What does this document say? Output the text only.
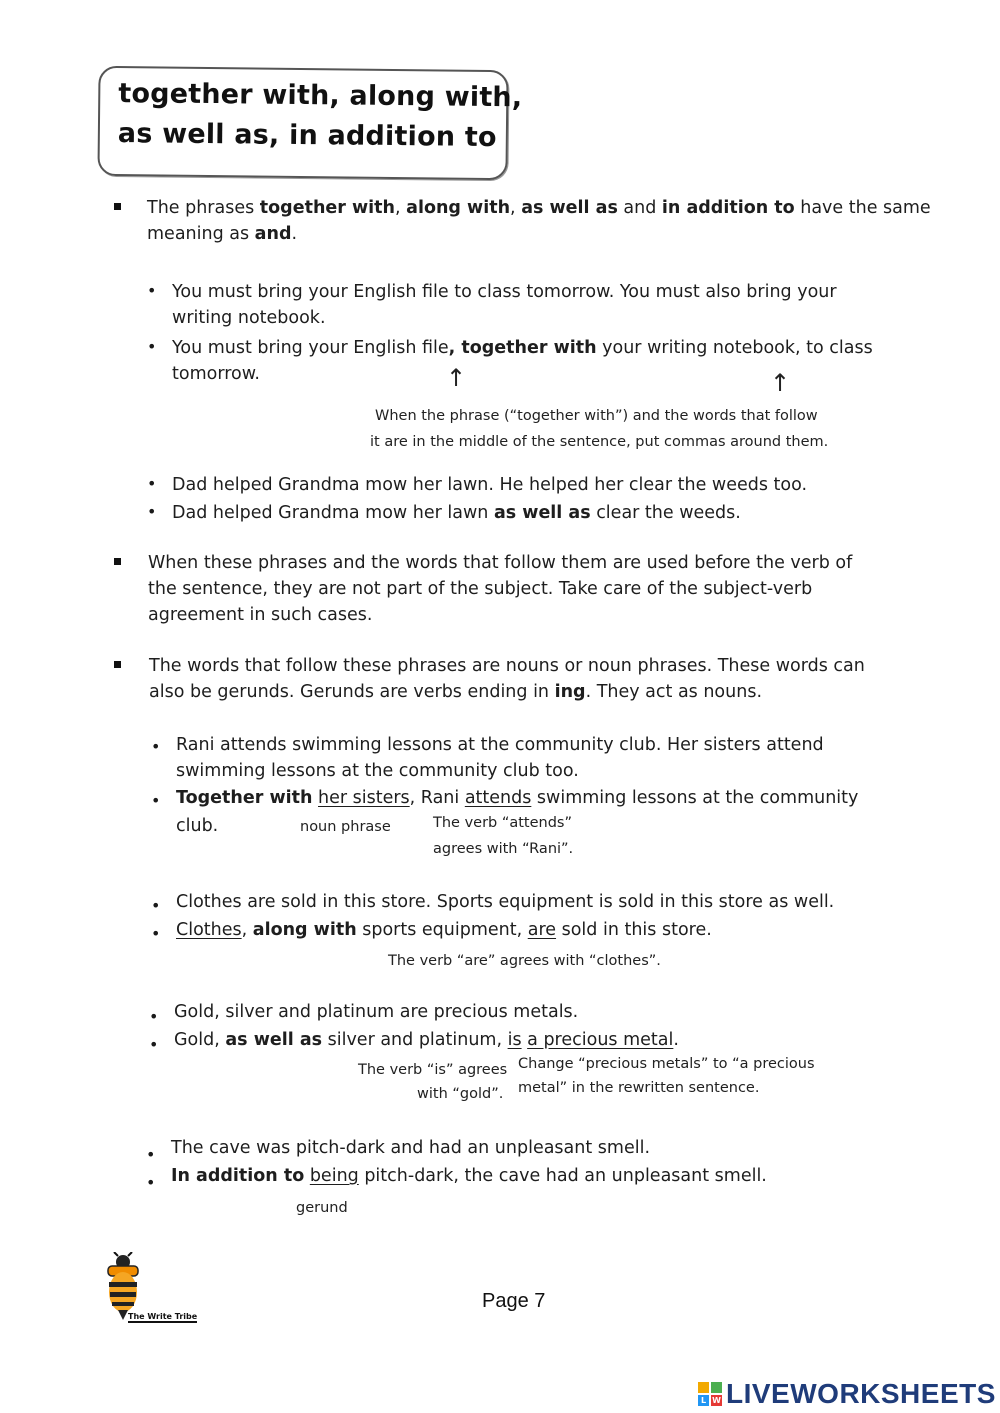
together with, along with,
as well as, in addition to
The phrases together with, along with, as well as and in addition to have the same
meaning as and.
• You must bring your English file to class tomorrow. You must also bring your
writing notebook.
• You must bring your English file, together with your writing notebook, to class
tomorrow.	↑	↑
When the phrase (“together with”) and the words that follow
it are in the middle of the sentence, put commas around them.
• Dad helped Grandma mow her lawn. He helped her clear the weeds too.
• Dad helped Grandma mow her lawn as well as clear the weeds.
When these phrases and the words that follow them are used before the verb of
the sentence, they are not part of the subject. Take care of the subject-verb
agreement in such cases.
The words that follow these phrases are nouns or noun phrases. These words can
also be gerunds. Gerunds are verbs ending in ing. They act as nouns.
• Rani attends swimming lessons at the community club. Her sisters attend
swimming lessons at the community club too.
• Together with her sisters, Rani attends swimming lessons at the community
club.	noun phrase	The verb “attends”
agrees with “Rani”.
• Clothes are sold in this store. Sports equipment is sold in this store as well.
• Clothes, along with sports equipment, are sold in this store.
The verb “are” agrees with “clothes”.
• Gold, silver and platinum are precious metals.
• Gold, as well as silver and platinum, is a precious metal.
The verb “is” agrees
with “gold”.
Change “precious metals” to “a precious
metal” in the rewritten sentence.
• The cave was pitch-dark and had an unpleasant smell.
• In addition to being pitch-dark, the cave had an unpleasant smell.
gerund
The Write Tribe
Page 7
L W LIVEWORKSHEETS
